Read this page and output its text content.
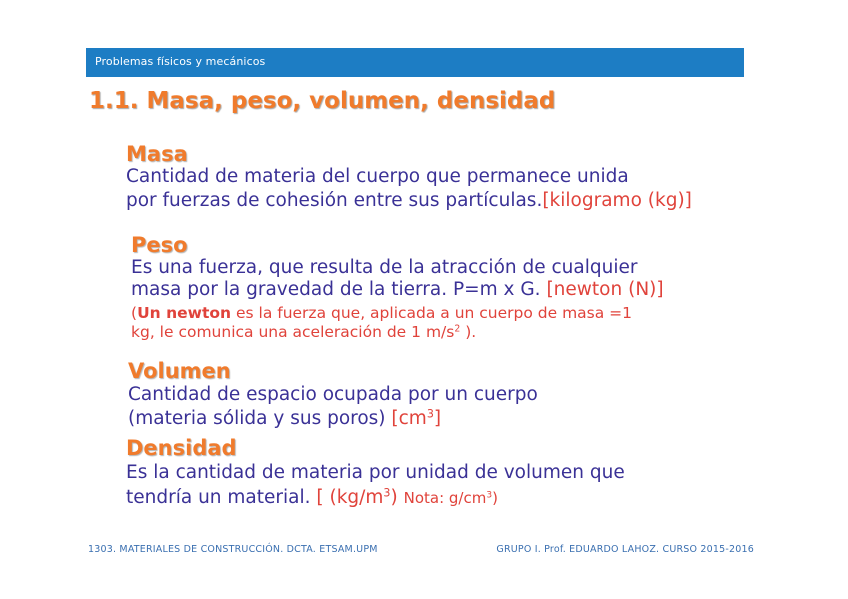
Problemas físicos y mecánicos
1.1. Masa, peso, volumen, densidad
Masa
Cantidad de materia del cuerpo que permanece unida
por fuerzas de cohesión entre sus partículas.[kilogramo (kg)]
Peso
Es una fuerza, que resulta de la atracción de cualquier
masa por la gravedad de la tierra. P=m x G. [newton (N)]
(Un newton es la fuerza que, aplicada a un cuerpo de masa =1
kg, le comunica una aceleración de 1 $m/s^2$ ).
Volumen
Cantidad de espacio ocupada por un cuerpo
(materia sólida y sus poros) $[cm^3]$
Densidad
Es la cantidad de materia por unidad de volumen que
tendría un material. [ $(kg/m^3)$ Nota: $g/cm^3$)
1303. MATERIALES DE CONSTRUCCIÓN. DCTA. ETSAM.UPM	GRUPO I. Prof. EDUARDO LAHOZ. CURSO 2015-2016
